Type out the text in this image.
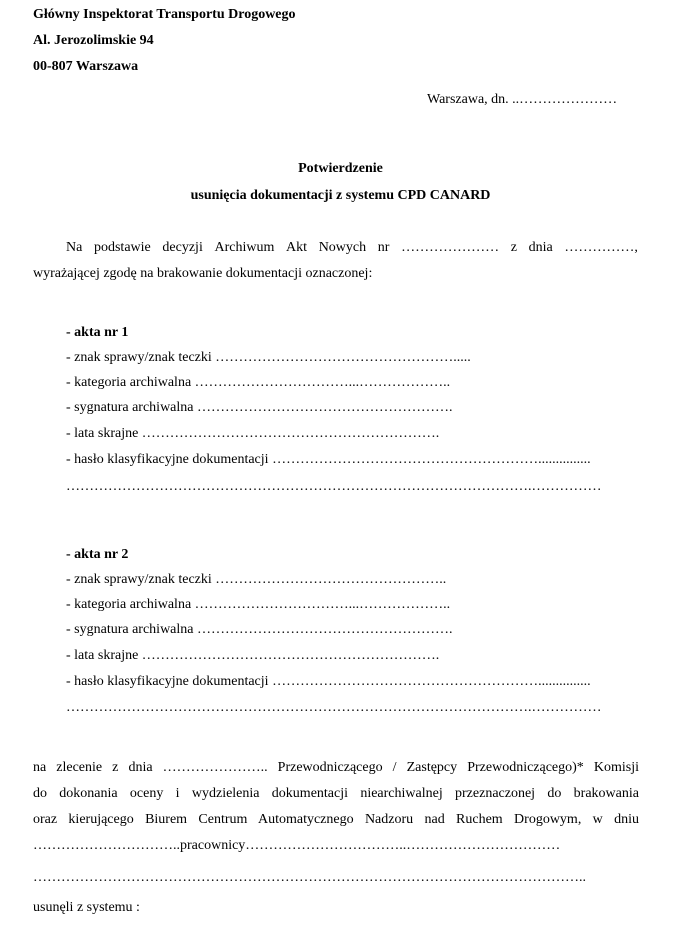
Główny Inspektorat Transportu Drogowego
Al. Jerozolimskie 94
00-807 Warszawa
Warszawa, dn. ..…………………
Potwierdzenie
usunięcia dokumentacji z systemu CPD CANARD
Na podstawie decyzji Archiwum Akt Nowych nr ………………… z dnia ……………,
wyrażającej zgodę na brakowanie dokumentacji oznaczonej:
- akta nr 1
- znak sprawy/znak teczki …………………………………………….....
- kategoria archiwalna ……………………………...………………..
- sygnatura archiwalna ……………………………………………….
- lata skrajne ……………………………………………………….
- hasło klasyfikacyjne dokumentacji …………………………………………………...............
……………………………………………………………………………………….……………
- akta nr 2
- znak sprawy/znak teczki …………………………………………..
- kategoria archiwalna ……………………………...………………..
- sygnatura archiwalna ……………………………………………….
- lata skrajne ……………………………………………………….
- hasło klasyfikacyjne dokumentacji …………………………………………………...............
……………………………………………………………………………………….……………
na zlecenie z dnia ………………….. Przewodniczącego / Zastępcy Przewodniczącego)* Komisji
do dokonania oceny i wydzielenia dokumentacji niearchiwalnej przeznaczonej do brakowania
oraz kierującego Biurem Centrum Automatycznego Nadzoru nad Ruchem Drogowym, w dniu
…………………………..pracownicy……………………………..……………………………
………………………………………………………………………………………………………..
usunęli z systemu :
